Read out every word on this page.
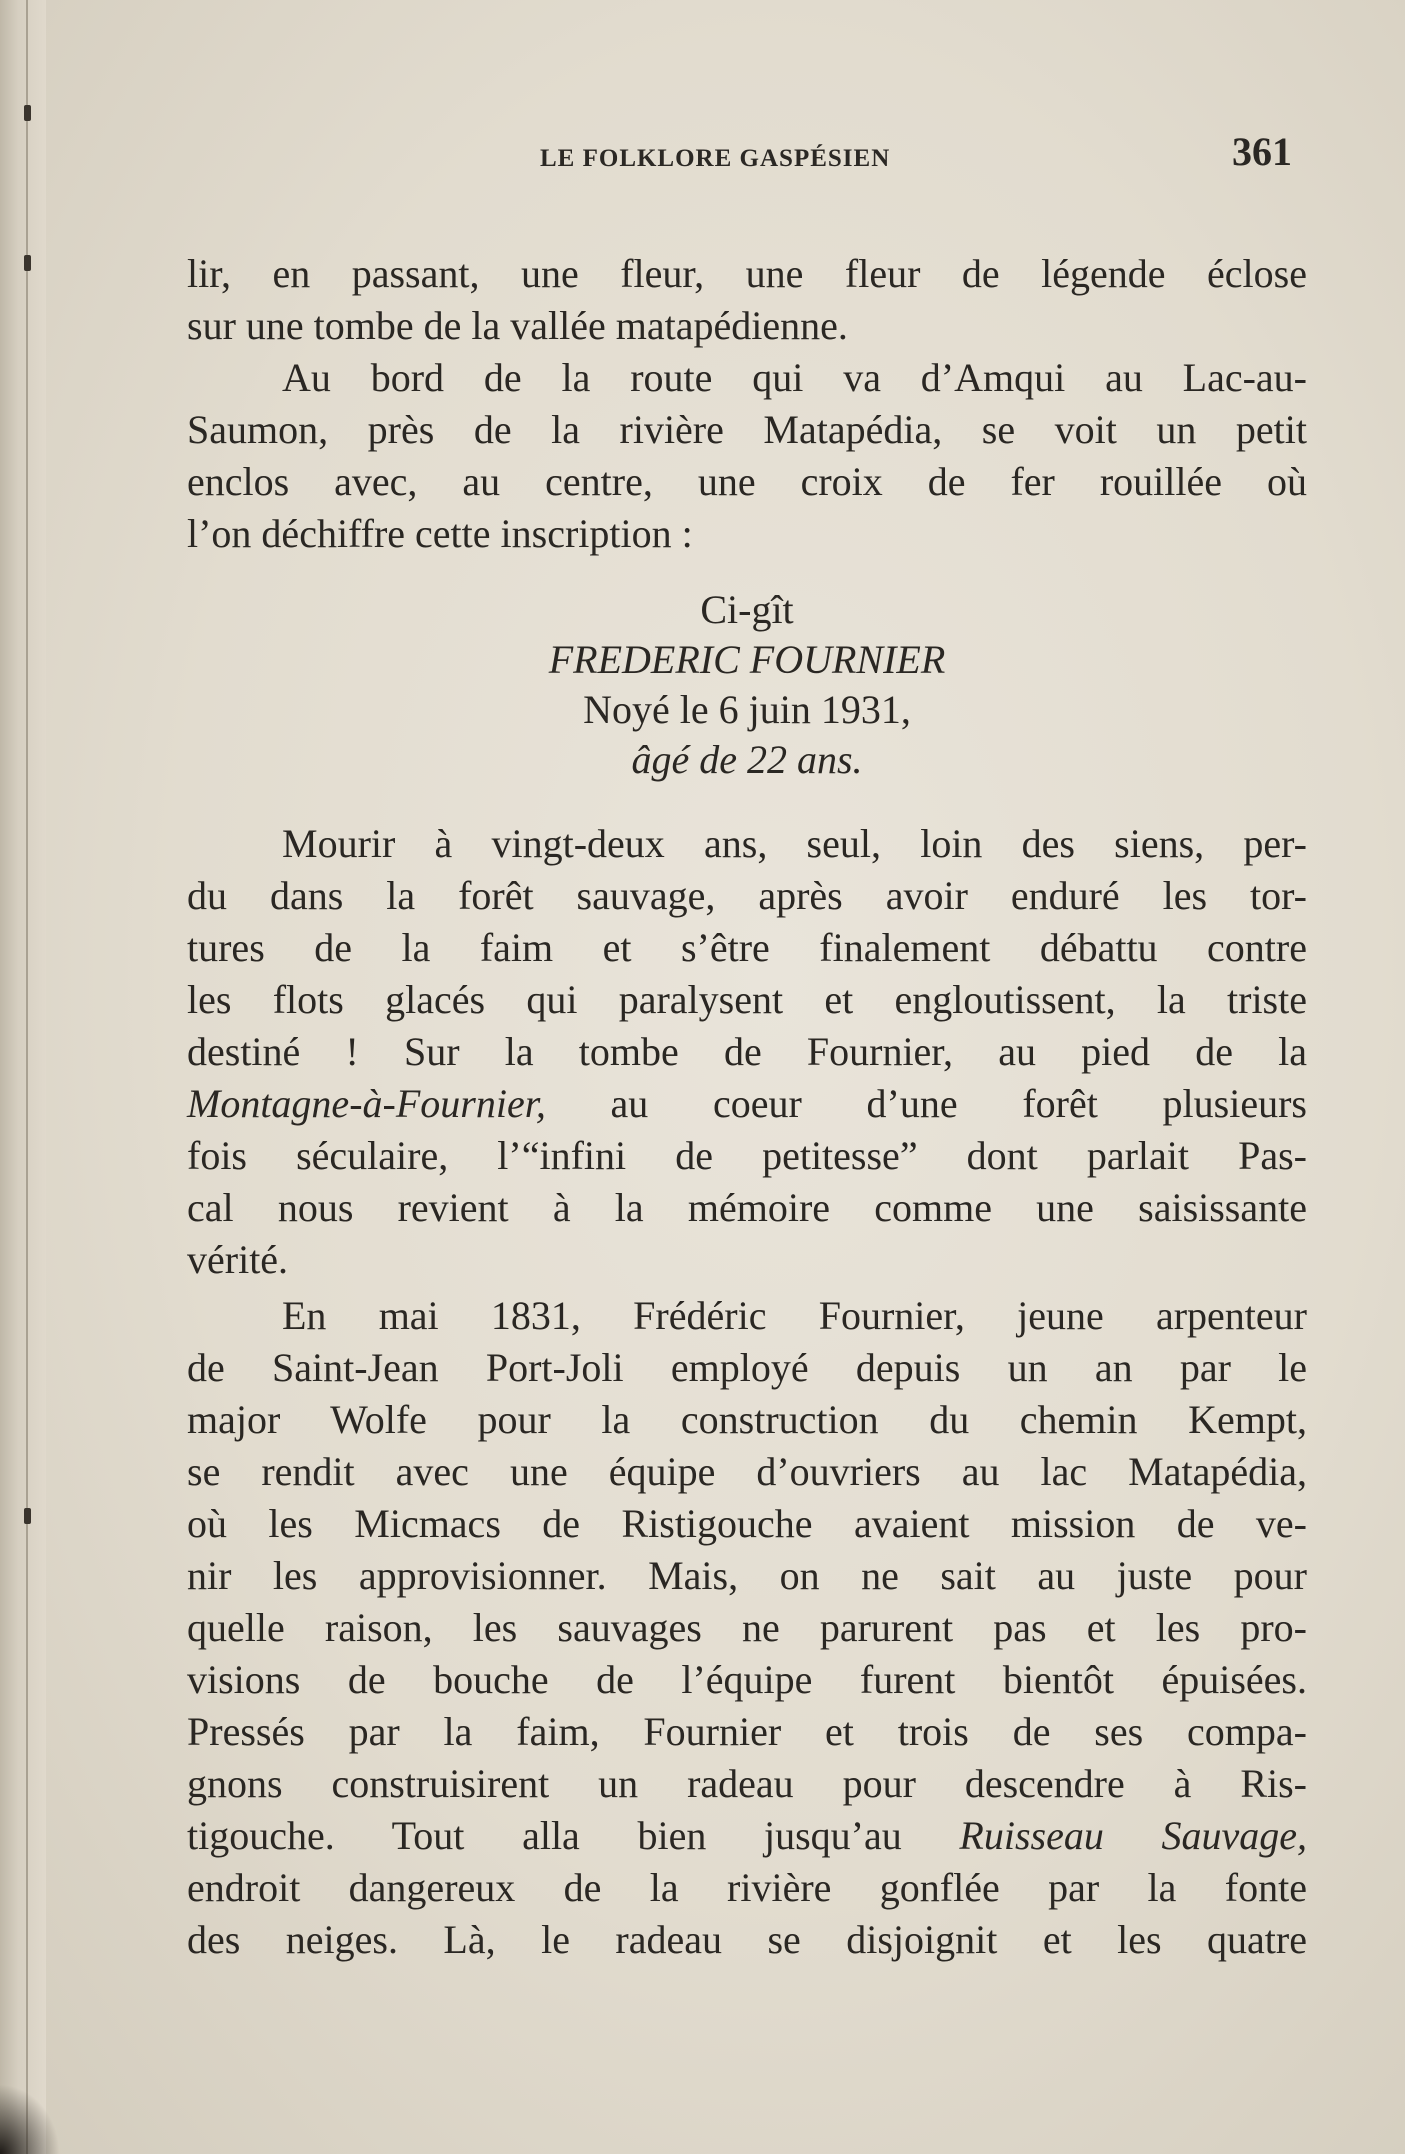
LE FOLKLORE GASPÉSIEN	361
lir, en passant, une fleur, une fleur de légende éclose
sur une tombe de la vallée matapédienne.
Au bord de la route qui va d’Amqui au Lac-au-
Saumon, près de la rivière Matapédia, se voit un petit
enclos avec, au centre, une croix de fer rouillée où
l’on déchiffre cette inscription :
Ci-gît
FREDERIC FOURNIER
Noyé le 6 juin 1931,
âgé de 22 ans.
Mourir à vingt-deux ans, seul, loin des siens, per-
du dans la forêt sauvage, après avoir enduré les tor-
tures de la faim et s’être finalement débattu contre
les flots glacés qui paralysent et engloutissent, la triste
destiné ! Sur la tombe de Fournier, au pied de la
Montagne-à-Fournier, au coeur d’une forêt plusieurs
fois séculaire, l’“infini de petitesse” dont parlait Pas-
cal nous revient à la mémoire comme une saisissante
vérité.
En mai 1831, Frédéric Fournier, jeune arpenteur
de Saint-Jean Port-Joli employé depuis un an par le
major Wolfe pour la construction du chemin Kempt,
se rendit avec une équipe d’ouvriers au lac Matapédia,
où les Micmacs de Ristigouche avaient mission de ve-
nir les approvisionner. Mais, on ne sait au juste pour
quelle raison, les sauvages ne parurent pas et les pro-
visions de bouche de l’équipe furent bientôt épuisées.
Pressés par la faim, Fournier et trois de ses compa-
gnons construisirent un radeau pour descendre à Ris-
tigouche. Tout alla bien jusqu’au Ruisseau Sauvage,
endroit dangereux de la rivière gonflée par la fonte
des neiges. Là, le radeau se disjoignit et les quatre
